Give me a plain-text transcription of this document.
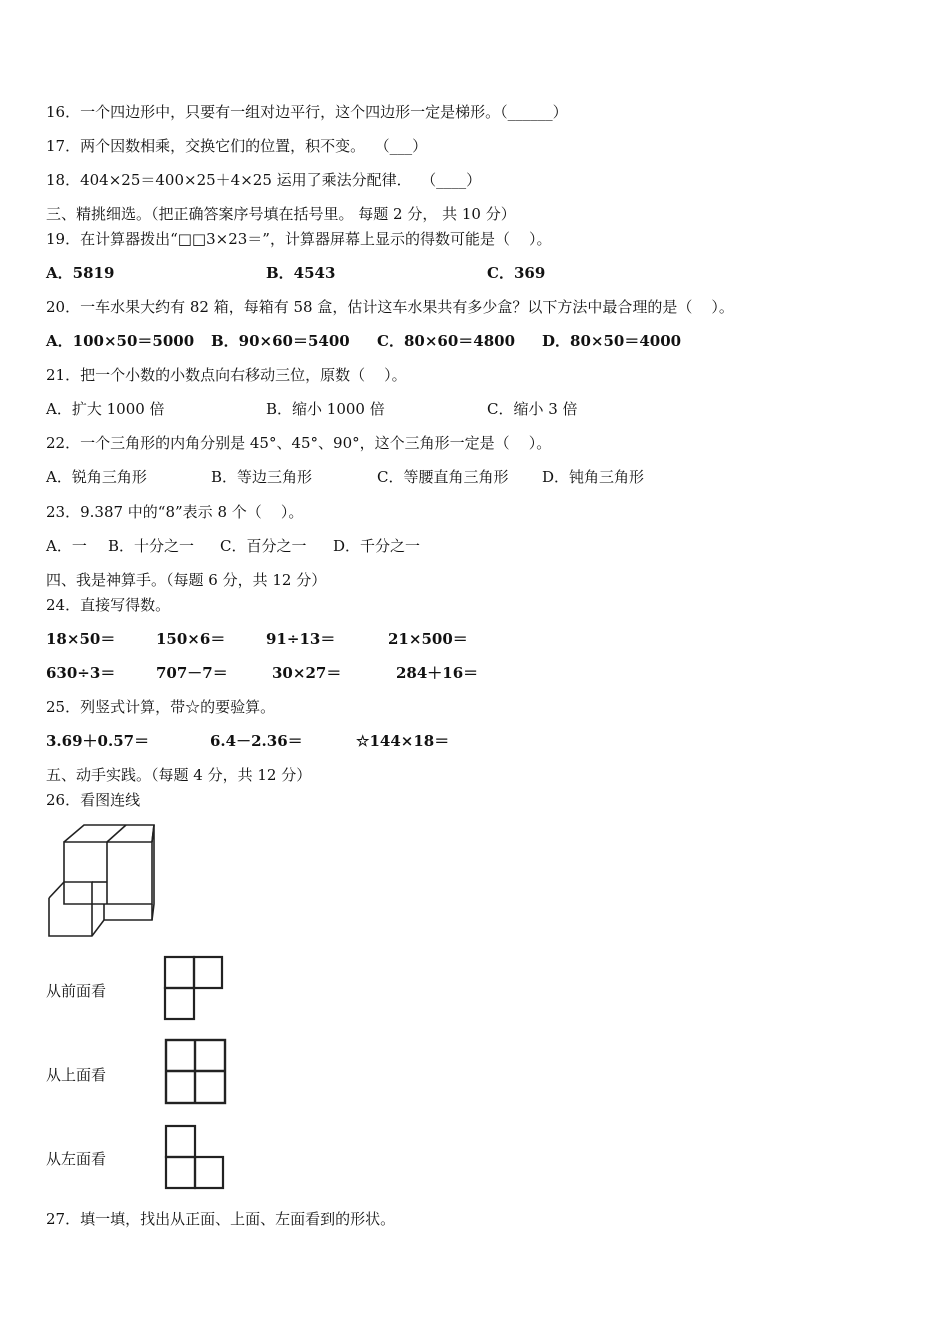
16．一个四边形中，只要有一组对边平行，这个四边形一定是梯形。（______）
17．两个因数相乘，交换它们的位置，积不变。  （___）
18．404×25＝400×25＋4×25 运用了乘法分配律．  （____）
三、精挑细选。（把正确答案序号填在括号里。 每题 2 分， 共 10 分）
19．在计算器拨出“□□3×23＝”，计算器屏幕上显示的得数可能是（    ）。
A．5819	B．4543	C．369
20．一车水果大约有 82 箱，每箱有 58 盒，估计这车水果共有多少盒？以下方法中最合理的是（    ）。
A．100×50＝5000 B．90×60＝5400 C．80×60＝4800 D．80×50＝4000
21．把一个小数的小数点向右移动三位，原数（    ）。
A．扩大 1000 倍	B．缩小 1000 倍	C．缩小 3 倍
22．一个三角形的内角分别是 45°、45°、90°，这个三角形一定是（    ）。
A．锐角三角形	B．等边三角形	C．等腰直角三角形 D．钝角三角形
23．9.387 中的“8”表示 8 个（    ）。
A．一 B．十分之一 C．百分之一 D．千分之一
四、我是神算手。（每题 6 分，共 12 分）
24．直接写得数。
18×50＝	150×6＝	91÷13＝	21×500＝
630÷3＝	707－7＝	30×27＝	284＋16＝
25．列竖式计算，带☆的要验算。
3.69＋0.57＝	6.4－2.36＝	☆144×18＝
五、动手实践。（每题 4 分，共 12 分）
26．看图连线
从前面看
从上面看
从左面看
27．填一填，找出从正面、上面、左面看到的形状。
